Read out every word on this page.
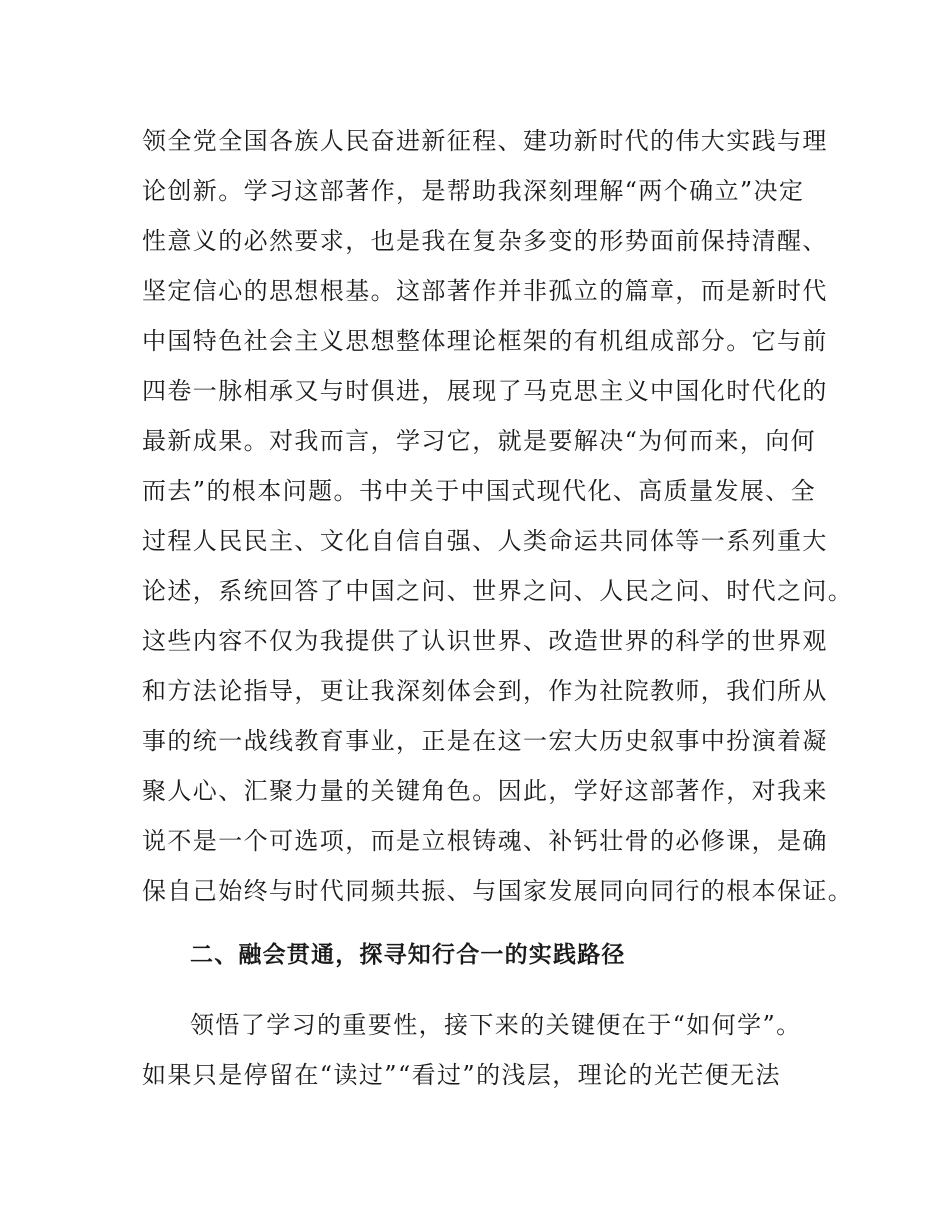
领全党全国各族人民奋进新征程、建功新时代的伟大实践与理
论创新。学习这部著作，是帮助我深刻理解“两个确立”决定
性意义的必然要求，也是我在复杂多变的形势面前保持清醒、
坚定信心的思想根基。这部著作并非孤立的篇章，而是新时代
中国特色社会主义思想整体理论框架的有机组成部分。它与前
四卷一脉相承又与时俱进，展现了马克思主义中国化时代化的
最新成果。对我而言，学习它，就是要解决“为何而来，向何
而去”的根本问题。书中关于中国式现代化、高质量发展、全
过程人民民主、文化自信自强、人类命运共同体等一系列重大
论述，系统回答了中国之问、世界之问、人民之问、时代之问。
这些内容不仅为我提供了认识世界、改造世界的科学的世界观
和方法论指导，更让我深刻体会到，作为社院教师，我们所从
事的统一战线教育事业，正是在这一宏大历史叙事中扮演着凝
聚人心、汇聚力量的关键角色。因此，学好这部著作，对我来
说不是一个可选项，而是立根铸魂、补钙壮骨的必修课，是确
保自己始终与时代同频共振、与国家发展同向同行的根本保证。
二、融会贯通，探寻知行合一的实践路径
领悟了学习的重要性，接下来的关键便在于“如何学”。
如果只是停留在“读过”“看过”的浅层，理论的光芒便无法
